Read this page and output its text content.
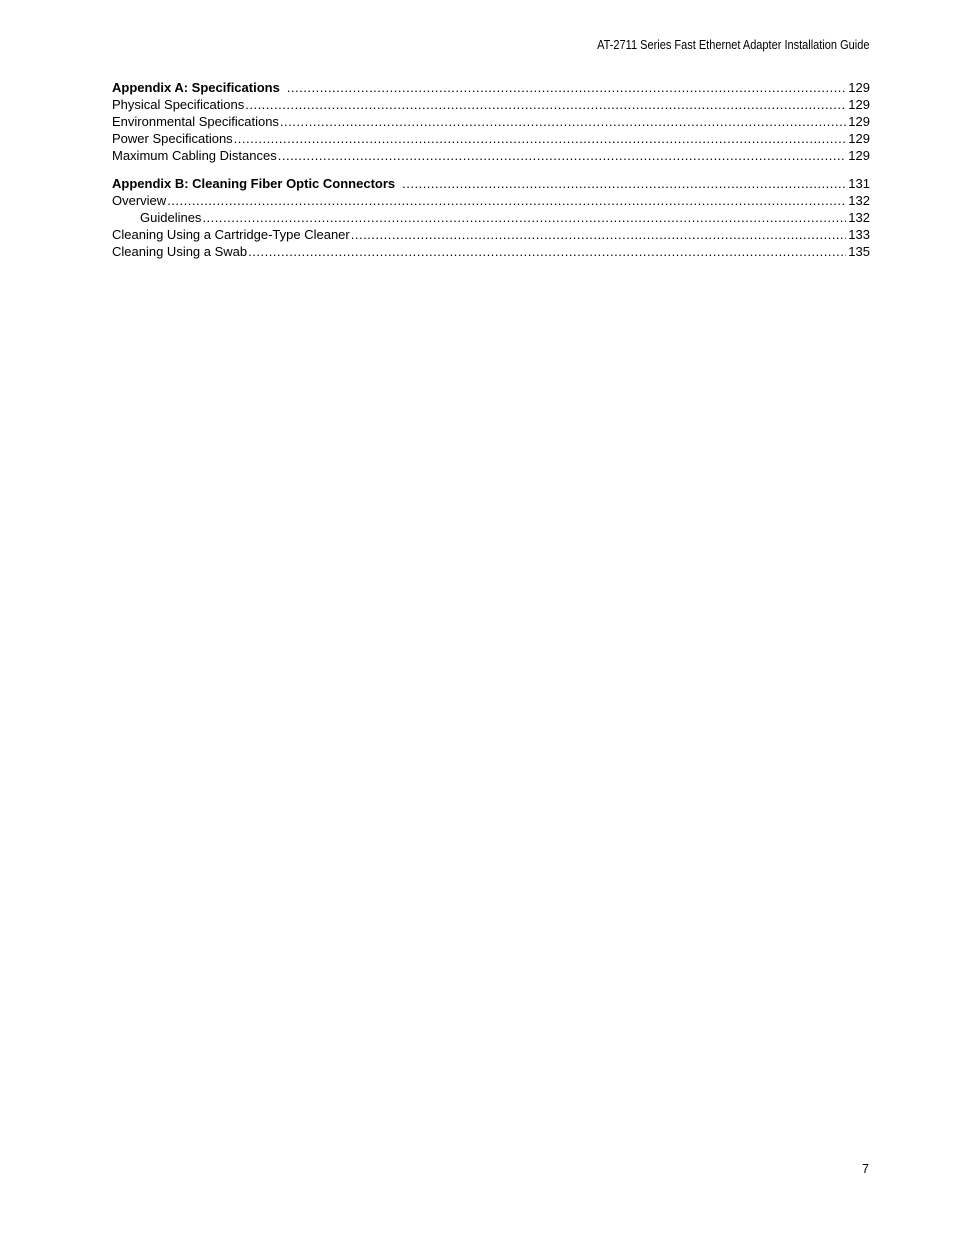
AT-2711 Series Fast Ethernet Adapter Installation Guide
Appendix A: Specifications .....	129
Physical Specifications .....	129
Environmental Specifications .....	129
Power Specifications .....	129
Maximum Cabling Distances .....	129
Appendix B: Cleaning Fiber Optic Connectors .....	131
Overview .....	132
Guidelines .....	132
Cleaning Using a Cartridge-Type Cleaner .....	133
Cleaning Using a Swab .....	135
7
